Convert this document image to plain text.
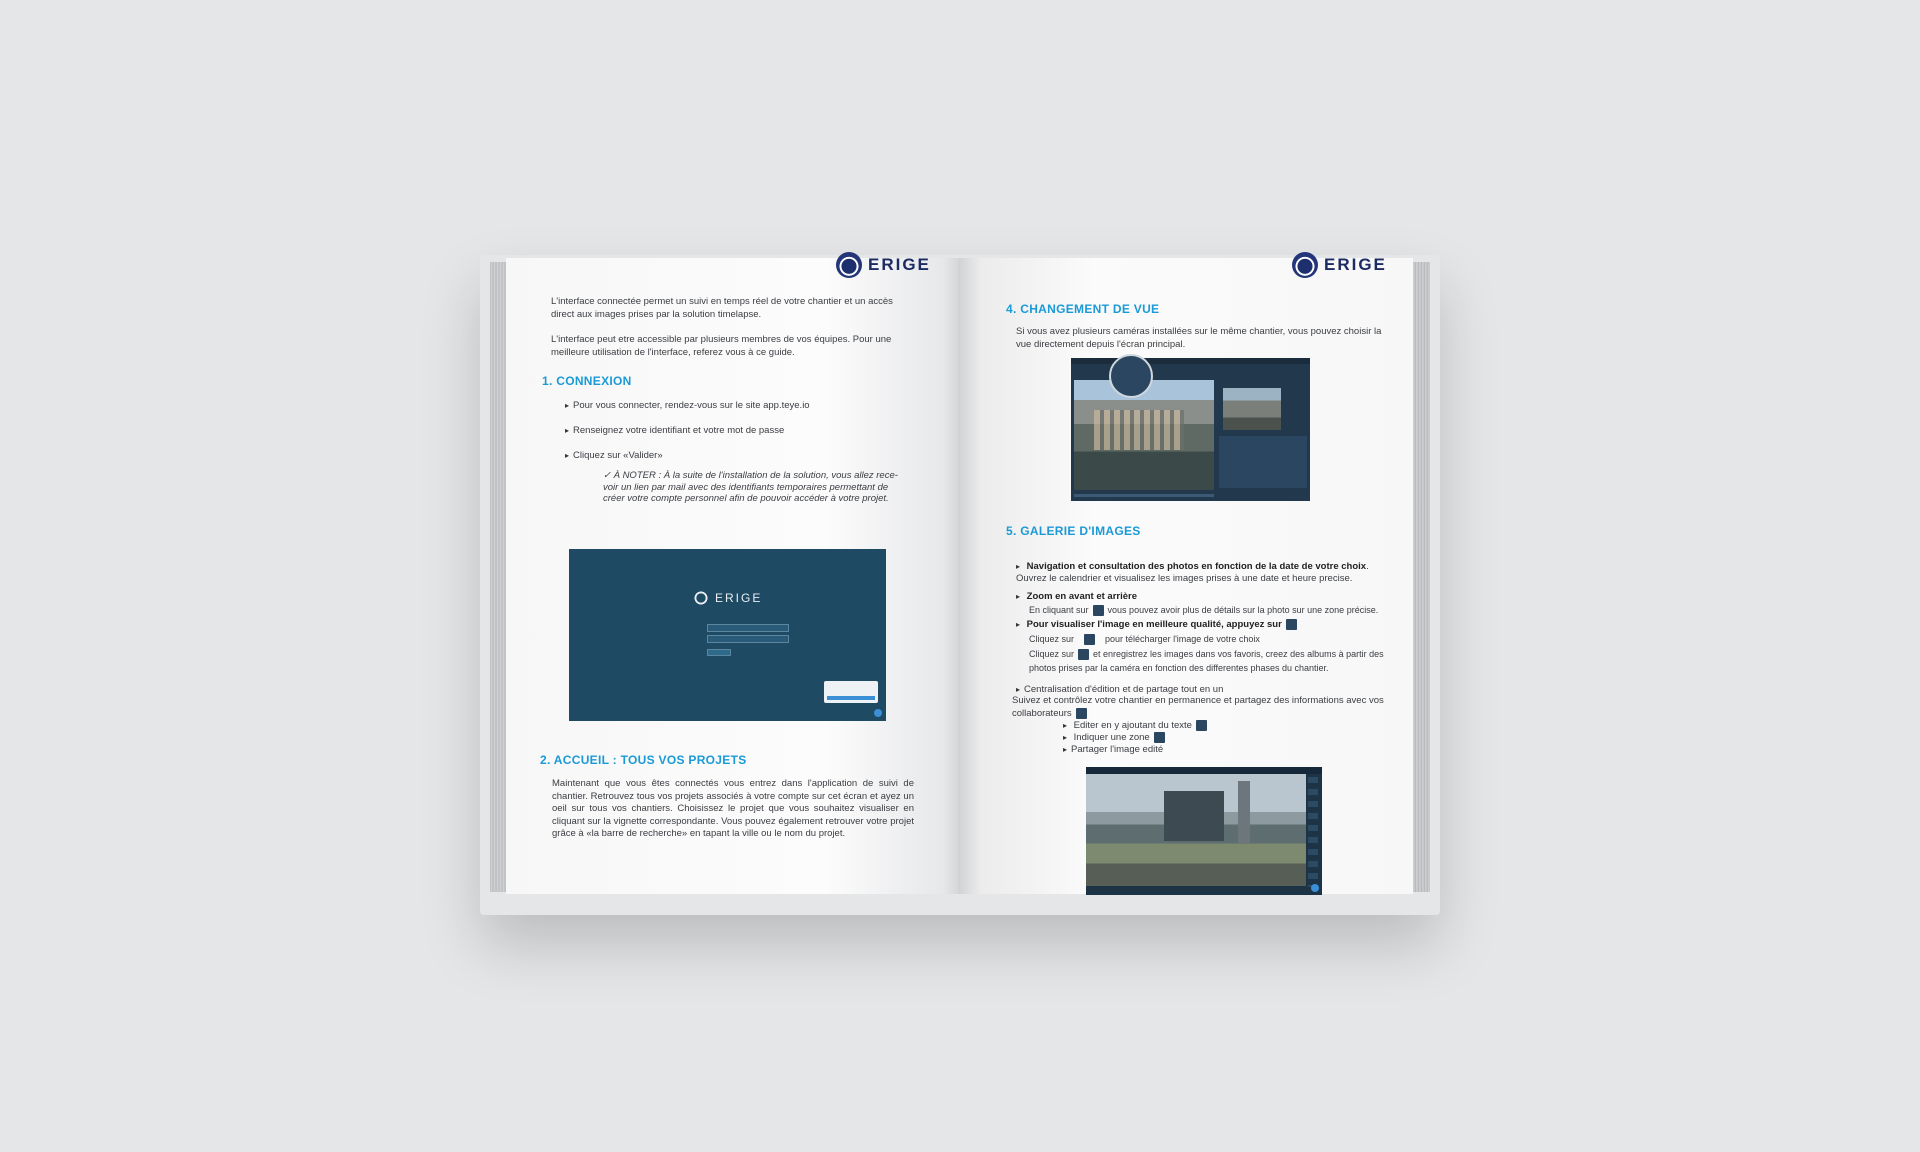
ERIGE
L'interface connectée permet un suivi en temps réel de votre chantier et un accès direct aux images prises par la solution timelapse.
L'interface peut etre accessible par plusieurs membres de vos équipes. Pour une meilleure utilisation de l'interface, referez vous à ce guide.
1. CONNEXION
▸ Pour vous connecter, rendez-vous sur le site app.teye.io
▸ Renseignez votre identifiant et votre mot de passe
▸ Cliquez sur «Valider»
✓ À NOTER : À la suite de l'installation de la solution, vous allez rece- voir un lien par mail avec des identifiants temporaires permettant de créer votre compte personnel afin de pouvoir accéder à votre projet.
ERIGE
2. ACCUEIL : TOUS VOS PROJETS
Maintenant que vous êtes connectés vous entrez dans l'application de suivi de chantier. Retrouvez tous vos projets associés à votre compte sur cet écran et ayez un oeil sur tous vos chantiers. Choisissez le projet que vous souhaitez visualiser en cliquant sur la vignette correspondante. Vous pouvez également retrouver votre projet grâce à «la barre de recherche» en tapant la ville ou le nom du projet.
ERIGE
4. CHANGEMENT DE VUE
Si vous avez plusieurs caméras installées sur le même chantier, vous pouvez choisir la vue directement depuis l'écran principal.
5. GALERIE D'IMAGES
▸ Navigation et consultation des photos en fonction de la date de votre choix. Ouvrez le calendrier et visualisez les images prises à une date et heure precise.
▸ Zoom en avant et arrière
En cliquant sur vous pouvez avoir plus de détails sur la photo sur une zone précise.
▸ Pour visualiser l'image en meilleure qualité, appuyez sur
Cliquez sur	pour télécharger l'image de votre choix
Cliquez sur et enregistrez les images dans vos favoris, creez des albums à partir des photos prises par la caméra en fonction des differentes phases du chantier.
▸ Centralisation d'édition et de partage tout en un
Suivez et contrôlez votre chantier en permanence et partagez des informations avec vos collaborateurs
▸ Editer en y ajoutant du texte
▸ Indiquer une zone
▸ Partager l'image edité
